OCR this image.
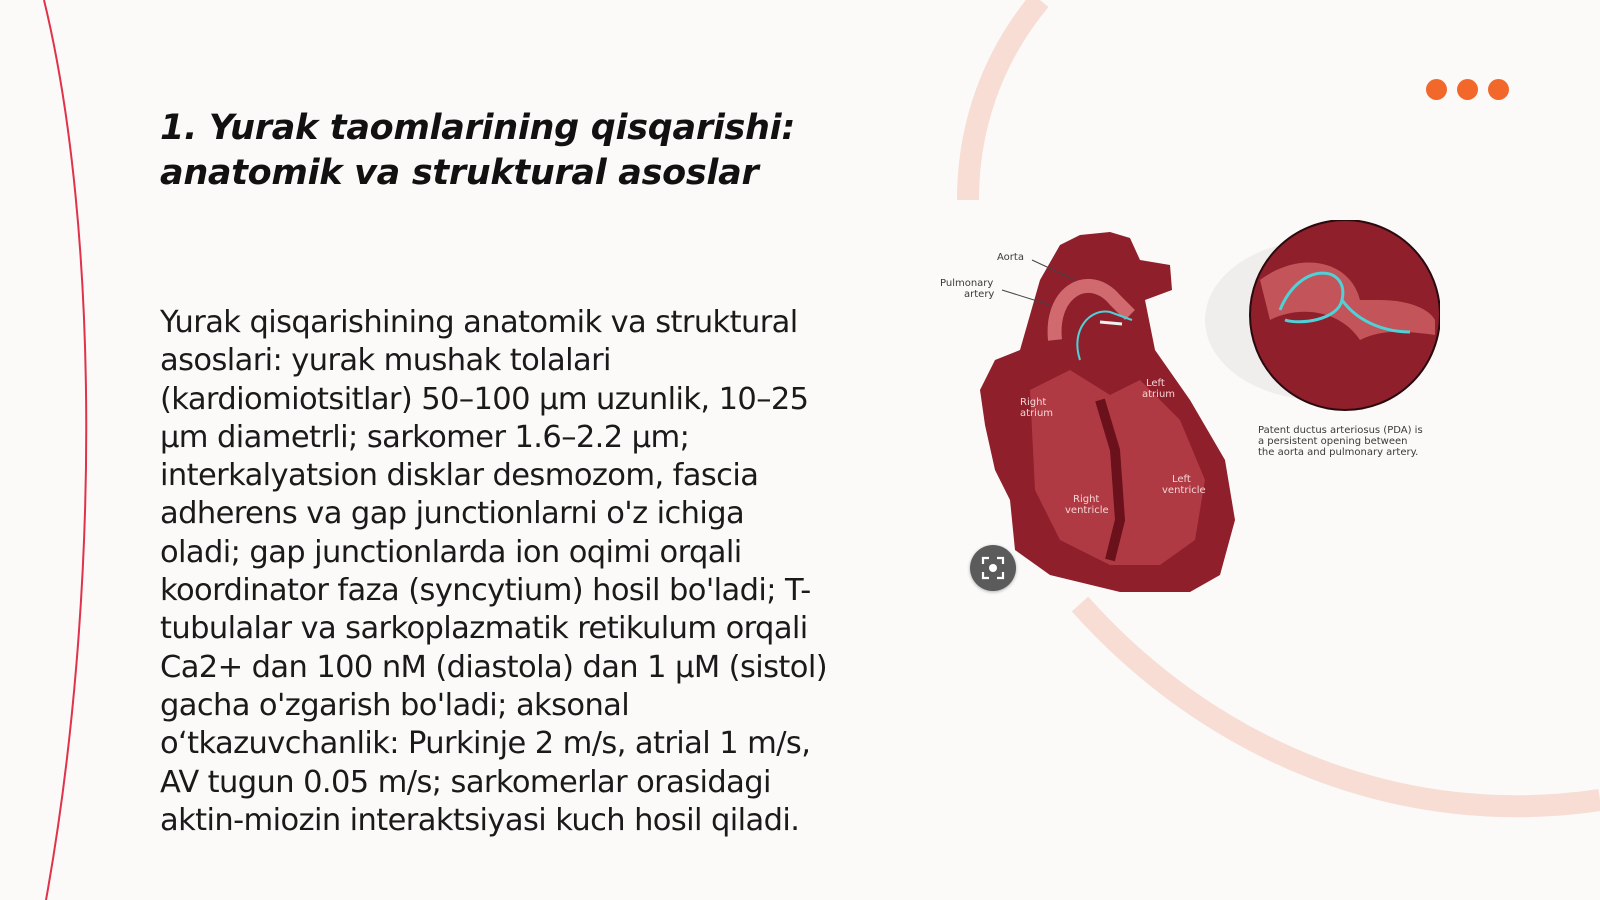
1. Yurak taomlarining qisqarishi:
anatomik va struktural asoslar

Yurak qisqarishining anatomik va struktural
asoslari: yurak mushak tolalari
(kardiomiotsitlar) 50–100 µm uzunlik, 10–25
µm diametrli; sarkomer 1.6–2.2 µm;
interkalyatsion disklar desmozom, fascia
adherens va gap junctionlarni o'z ichiga
oladi; gap junctionlarda ion oqimi orqali
koordinator faza (syncytium) hosil bo'ladi; T-
tubulalar va sarkoplazmatik retikulum orqali
Ca2+ dan 100 nM (diastola) dan 1 µM (sistol)
gacha o'zgarish bo'ladi; aksonal
o‘tkazuvchanlik: Purkinje 2 m/s, atrial 1 m/s,
AV tugun 0.05 m/s; sarkomerlar orasidagi
aktin-miozin interaktsiyasi kuch hosil qiladi.

Aorta
Pulmonary
artery
Right
atrium
Left
atrium
Right
ventricle
Left
ventricle
Patent ductus arteriosus (PDA) is
a persistent opening between
the aorta and pulmonary artery.
